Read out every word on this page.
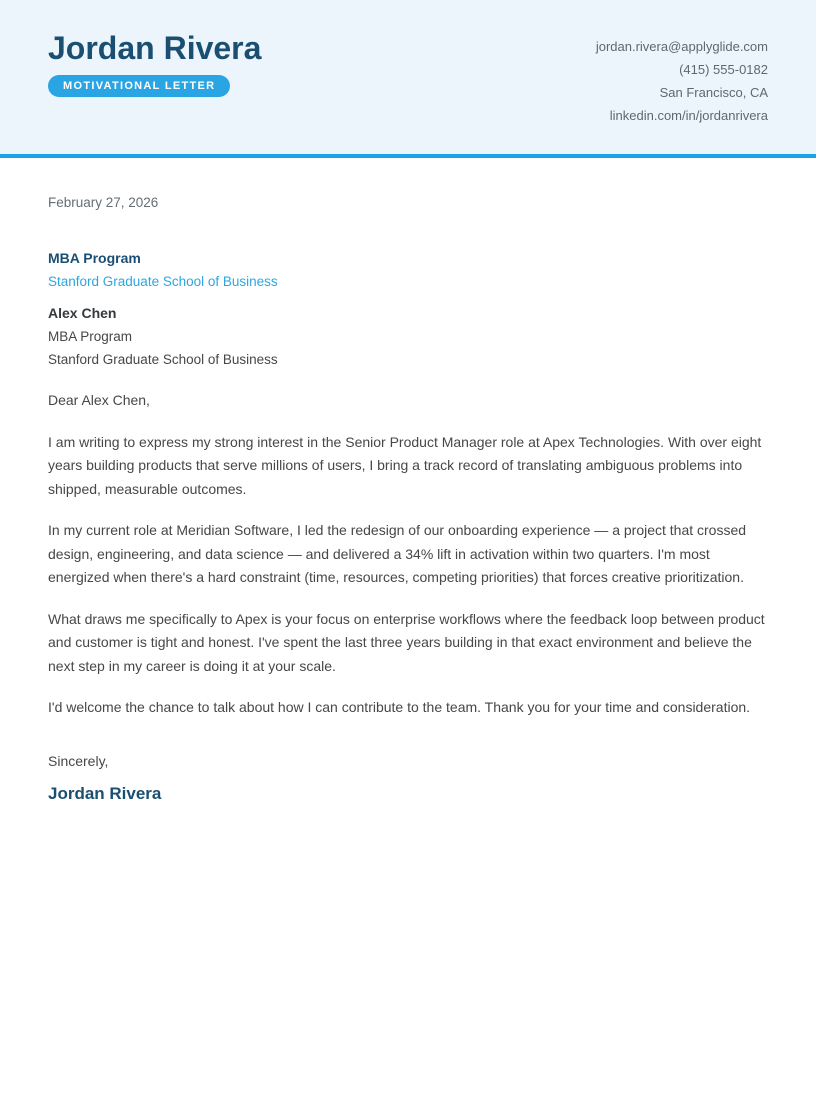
Jordan Rivera
MOTIVATIONAL LETTER
jordan.rivera@applyglide.com
(415) 555-0182
San Francisco, CA
linkedin.com/in/jordanrivera

February 27, 2026

MBA Program
Stanford Graduate School of Business
Alex Chen
MBA Program
Stanford Graduate School of Business

Dear Alex Chen,

I am writing to express my strong interest in the Senior Product Manager role at Apex Technologies. With over eight years building products that serve millions of users, I bring a track record of translating ambiguous problems into shipped, measurable outcomes.

In my current role at Meridian Software, I led the redesign of our onboarding experience — a project that crossed design, engineering, and data science — and delivered a 34% lift in activation within two quarters. I'm most energized when there's a hard constraint (time, resources, competing priorities) that forces creative prioritization.

What draws me specifically to Apex is your focus on enterprise workflows where the feedback loop between product and customer is tight and honest. I've spent the last three years building in that exact environment and believe the next step in my career is doing it at your scale.

I'd welcome the chance to talk about how I can contribute to the team. Thank you for your time and consideration.

Sincerely,

Jordan Rivera
